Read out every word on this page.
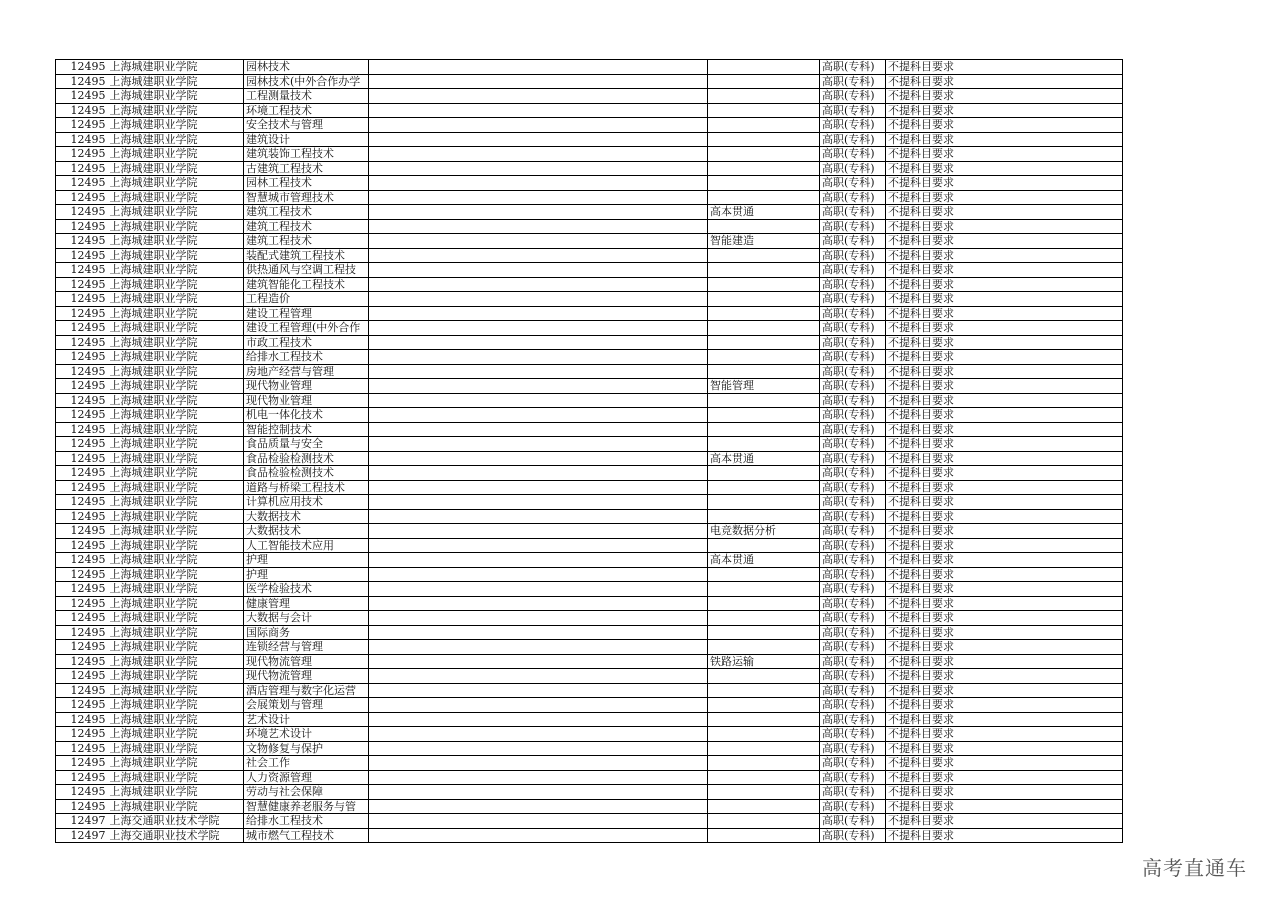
12495	上海城建职业学院	园林技术			高职(专科)	不提科目要求
12495	上海城建职业学院	园林技术(中外合作办学			高职(专科)	不提科目要求
12495	上海城建职业学院	工程测量技术			高职(专科)	不提科目要求
12495	上海城建职业学院	环境工程技术			高职(专科)	不提科目要求
12495	上海城建职业学院	安全技术与管理			高职(专科)	不提科目要求
12495	上海城建职业学院	建筑设计			高职(专科)	不提科目要求
12495	上海城建职业学院	建筑装饰工程技术			高职(专科)	不提科目要求
12495	上海城建职业学院	古建筑工程技术			高职(专科)	不提科目要求
12495	上海城建职业学院	园林工程技术			高职(专科)	不提科目要求
12495	上海城建职业学院	智慧城市管理技术			高职(专科)	不提科目要求
12495	上海城建职业学院	建筑工程技术		高本贯通	高职(专科)	不提科目要求
12495	上海城建职业学院	建筑工程技术			高职(专科)	不提科目要求
12495	上海城建职业学院	建筑工程技术		智能建造	高职(专科)	不提科目要求
12495	上海城建职业学院	装配式建筑工程技术			高职(专科)	不提科目要求
12495	上海城建职业学院	供热通风与空调工程技			高职(专科)	不提科目要求
12495	上海城建职业学院	建筑智能化工程技术			高职(专科)	不提科目要求
12495	上海城建职业学院	工程造价			高职(专科)	不提科目要求
12495	上海城建职业学院	建设工程管理			高职(专科)	不提科目要求
12495	上海城建职业学院	建设工程管理(中外合作			高职(专科)	不提科目要求
12495	上海城建职业学院	市政工程技术			高职(专科)	不提科目要求
12495	上海城建职业学院	给排水工程技术			高职(专科)	不提科目要求
12495	上海城建职业学院	房地产经营与管理			高职(专科)	不提科目要求
12495	上海城建职业学院	现代物业管理		智能管理	高职(专科)	不提科目要求
12495	上海城建职业学院	现代物业管理			高职(专科)	不提科目要求
12495	上海城建职业学院	机电一体化技术			高职(专科)	不提科目要求
12495	上海城建职业学院	智能控制技术			高职(专科)	不提科目要求
12495	上海城建职业学院	食品质量与安全			高职(专科)	不提科目要求
12495	上海城建职业学院	食品检验检测技术		高本贯通	高职(专科)	不提科目要求
12495	上海城建职业学院	食品检验检测技术			高职(专科)	不提科目要求
12495	上海城建职业学院	道路与桥梁工程技术			高职(专科)	不提科目要求
12495	上海城建职业学院	计算机应用技术			高职(专科)	不提科目要求
12495	上海城建职业学院	大数据技术			高职(专科)	不提科目要求
12495	上海城建职业学院	大数据技术		电竞数据分析	高职(专科)	不提科目要求
12495	上海城建职业学院	人工智能技术应用			高职(专科)	不提科目要求
12495	上海城建职业学院	护理		高本贯通	高职(专科)	不提科目要求
12495	上海城建职业学院	护理			高职(专科)	不提科目要求
12495	上海城建职业学院	医学检验技术			高职(专科)	不提科目要求
12495	上海城建职业学院	健康管理			高职(专科)	不提科目要求
12495	上海城建职业学院	大数据与会计			高职(专科)	不提科目要求
12495	上海城建职业学院	国际商务			高职(专科)	不提科目要求
12495	上海城建职业学院	连锁经营与管理			高职(专科)	不提科目要求
12495	上海城建职业学院	现代物流管理		铁路运输	高职(专科)	不提科目要求
12495	上海城建职业学院	现代物流管理			高职(专科)	不提科目要求
12495	上海城建职业学院	酒店管理与数字化运营			高职(专科)	不提科目要求
12495	上海城建职业学院	会展策划与管理			高职(专科)	不提科目要求
12495	上海城建职业学院	艺术设计			高职(专科)	不提科目要求
12495	上海城建职业学院	环境艺术设计			高职(专科)	不提科目要求
12495	上海城建职业学院	文物修复与保护			高职(专科)	不提科目要求
12495	上海城建职业学院	社会工作			高职(专科)	不提科目要求
12495	上海城建职业学院	人力资源管理			高职(专科)	不提科目要求
12495	上海城建职业学院	劳动与社会保障			高职(专科)	不提科目要求
12495	上海城建职业学院	智慧健康养老服务与管			高职(专科)	不提科目要求
12497	上海交通职业技术学院	给排水工程技术			高职(专科)	不提科目要求
12497	上海交通职业技术学院	城市燃气工程技术			高职(专科)	不提科目要求
高考直通车
